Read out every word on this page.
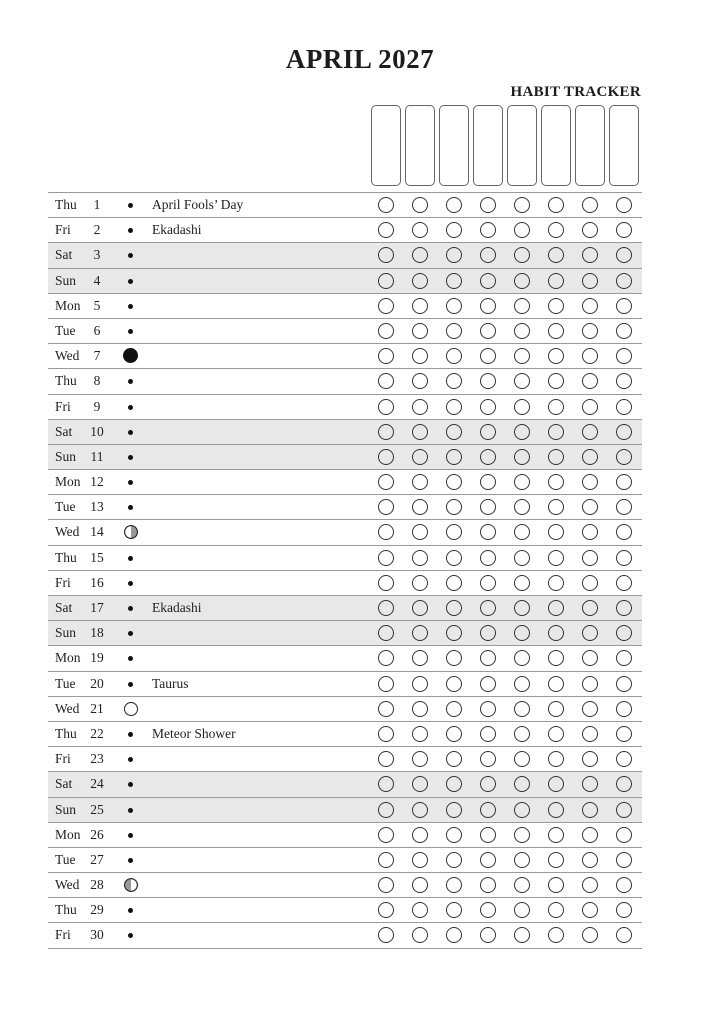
APRIL 2027
HABIT TRACKER
Thu	1	April Fools’ Day
Fri	2	Ekadashi
Sat	3
Sun	4
Mon 5
Tue	6
Wed	7
Thu	8
Fri	9
Sat	10
Sun	11
Mon 12
Tue	13
Wed 14
Thu	15
Fri	16
Sat	17	Ekadashi
Sun	18
Mon 19
Tue	20	Taurus
Wed 21
Thu	22	Meteor Shower
Fri	23
Sat	24
Sun	25
Mon 26
Tue	27
Wed 28
Thu	29
Fri	30
